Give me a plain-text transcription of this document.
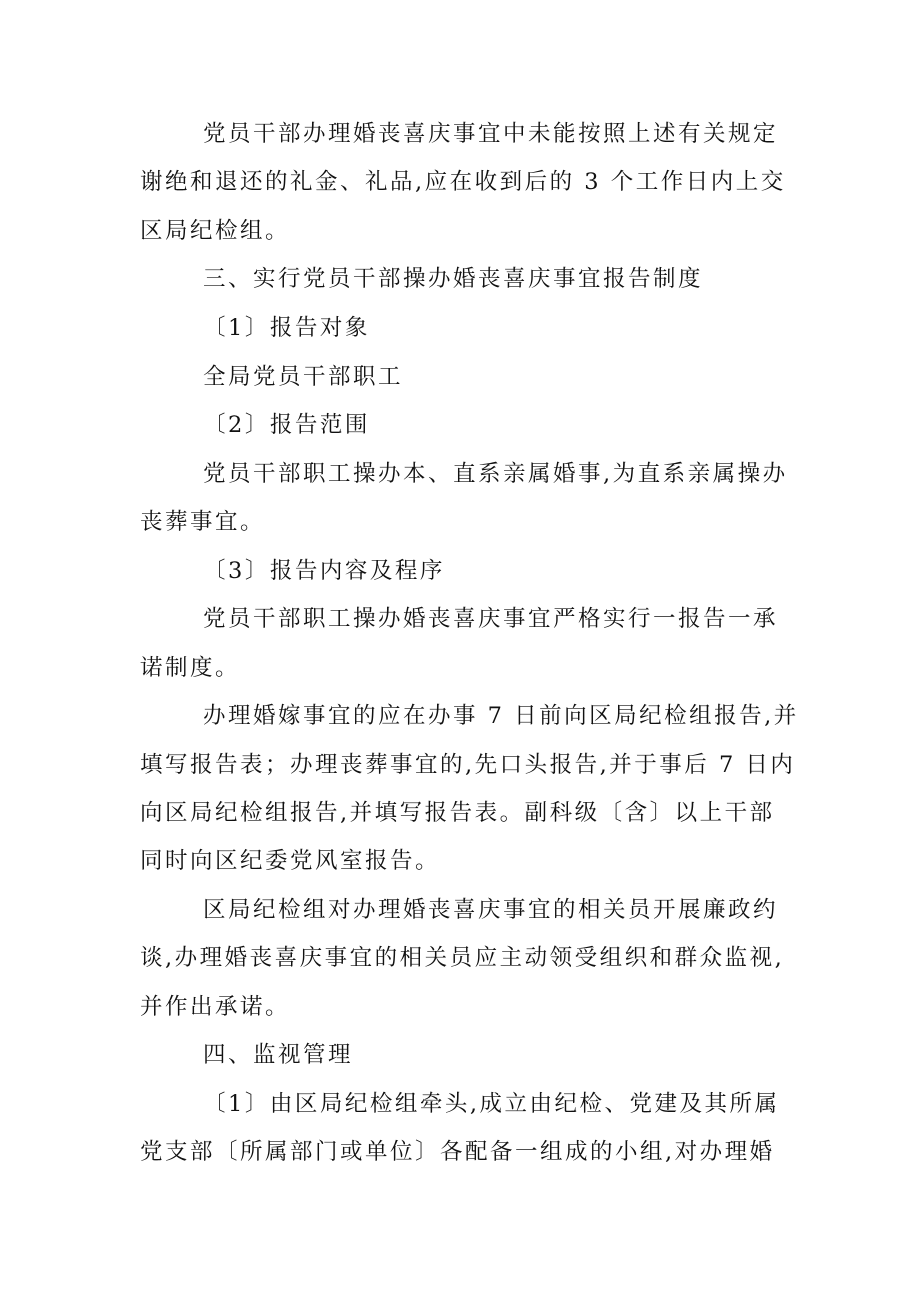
党员干部办理婚丧喜庆事宜中未能按照上述有关规定
谢绝和退还的礼金、礼品,应在收到后的 3 个工作日内上交
区局纪检组。
三、实行党员干部操办婚丧喜庆事宜报告制度
〔1〕报告对象
全局党员干部职工
〔2〕报告范围
党员干部职工操办本、直系亲属婚事,为直系亲属操办
丧葬事宜。
〔3〕报告内容及程序
党员干部职工操办婚丧喜庆事宜严格实行一报告一承
诺制度。
办理婚嫁事宜的应在办事 7 日前向区局纪检组报告,并
填写报告表；办理丧葬事宜的,先口头报告,并于事后 7 日内
向区局纪检组报告,并填写报告表。副科级〔含〕以上干部
同时向区纪委党风室报告。
区局纪检组对办理婚丧喜庆事宜的相关员开展廉政约
谈,办理婚丧喜庆事宜的相关员应主动领受组织和群众监视,
并作出承诺。
四、监视管理
〔1〕由区局纪检组牵头,成立由纪检、党建及其所属
党支部〔所属部门或单位〕各配备一组成的小组,对办理婚
